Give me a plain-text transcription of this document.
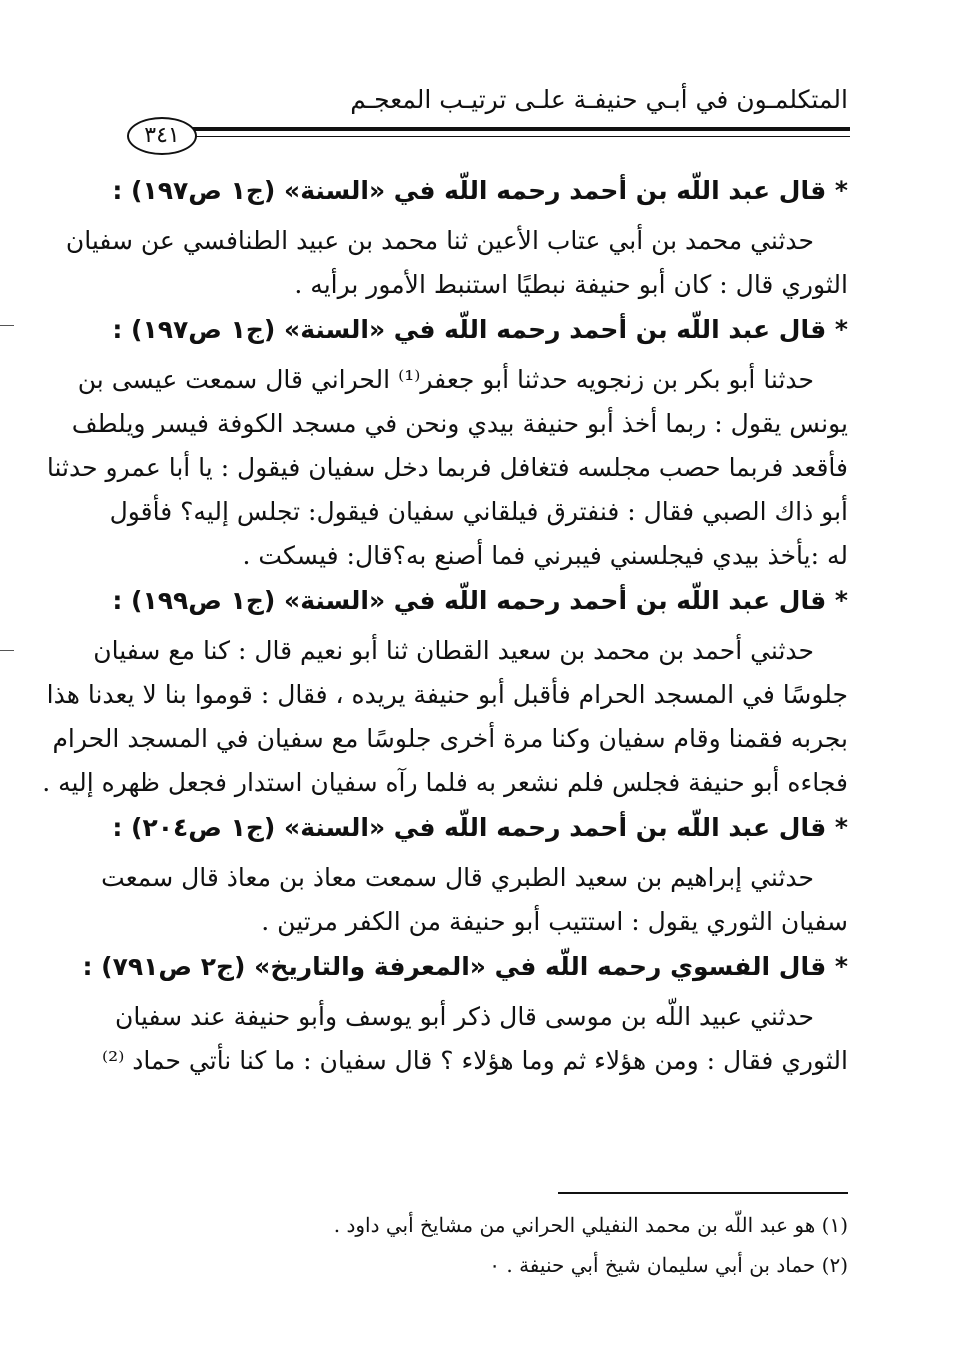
المتكلمـون في أبـي حنيفـة علـى ترتيـب المعجـم
٣٤١
* قال عبد اللّه بن أحمد رحمه اللّه في «السنة» (ج١ ص١٩٧) :
حدثني محمد بن أبي عتاب الأعين ثنا محمد بن عبيد الطنافسي عن سفيان
الثوري قال : كان أبو حنيفة نبطيًا استنبط الأمور برأيه .
* قال عبد اللّه بن أحمد رحمه اللّه في «السنة» (ج١ ص١٩٧) :
حدثنا أبو بكر بن زنجويه حدثنا أبو جعفر⁽¹⁾ الحراني قال سمعت عيسى بن
يونس يقول : ربما أخذ أبو حنيفة بيدي ونحن في مسجد الكوفة فيسر ويلطف
فأقعد فربما حصب مجلسه فتغافل فربما دخل سفيان فيقول : يا أبا عمرو حدثنا
أبو ذاك الصبي فقال : فنفترق فيلقاني سفيان فيقول: تجلس إليه؟ فأقول
له :يأخذ بيدي فيجلسني فيبرني فما أصنع به؟قال: فيسكت .
* قال عبد اللّه بن أحمد رحمه اللّه في «السنة» (ج١ ص١٩٩) :
حدثني أحمد بن محمد بن سعيد القطان ثنا أبو نعيم قال : كنا مع سفيان
جلوسًا في المسجد الحرام فأقبل أبو حنيفة يريده ، فقال : قوموا بنا لا يعدنا هذا
بجربه فقمنا وقام سفيان وكنا مرة أخرى جلوسًا مع سفيان في المسجد الحرام
فجاءه أبو حنيفة فجلس فلم نشعر به فلما رآه سفيان استدار فجعل ظهره إليه .
* قال عبد اللّه بن أحمد رحمه اللّه في «السنة» (ج١ ص٢٠٤) :
حدثني إبراهيم بن سعيد الطبري قال سمعت معاذ بن معاذ قال سمعت
سفيان الثوري يقول : استتيب أبو حنيفة من الكفر مرتين .
* قال الفسوي رحمه اللّه في «المعرفة والتاريخ» (ج٢ ص٧٩١) :
حدثني عبيد اللّه بن موسى قال ذكر أبو يوسف وأبو حنيفة عند سفيان
الثوري فقال : ومن هؤلاء ثم وما هؤلاء ؟ قال سفيان : ما كنا نأتي حماد ⁽²⁾
(١) هو عبد اللّه بن محمد النفيلي الحراني من مشايخ أبي داود .
(٢) حماد بن أبي سليمان شيخ أبي حنيفة . ۰
